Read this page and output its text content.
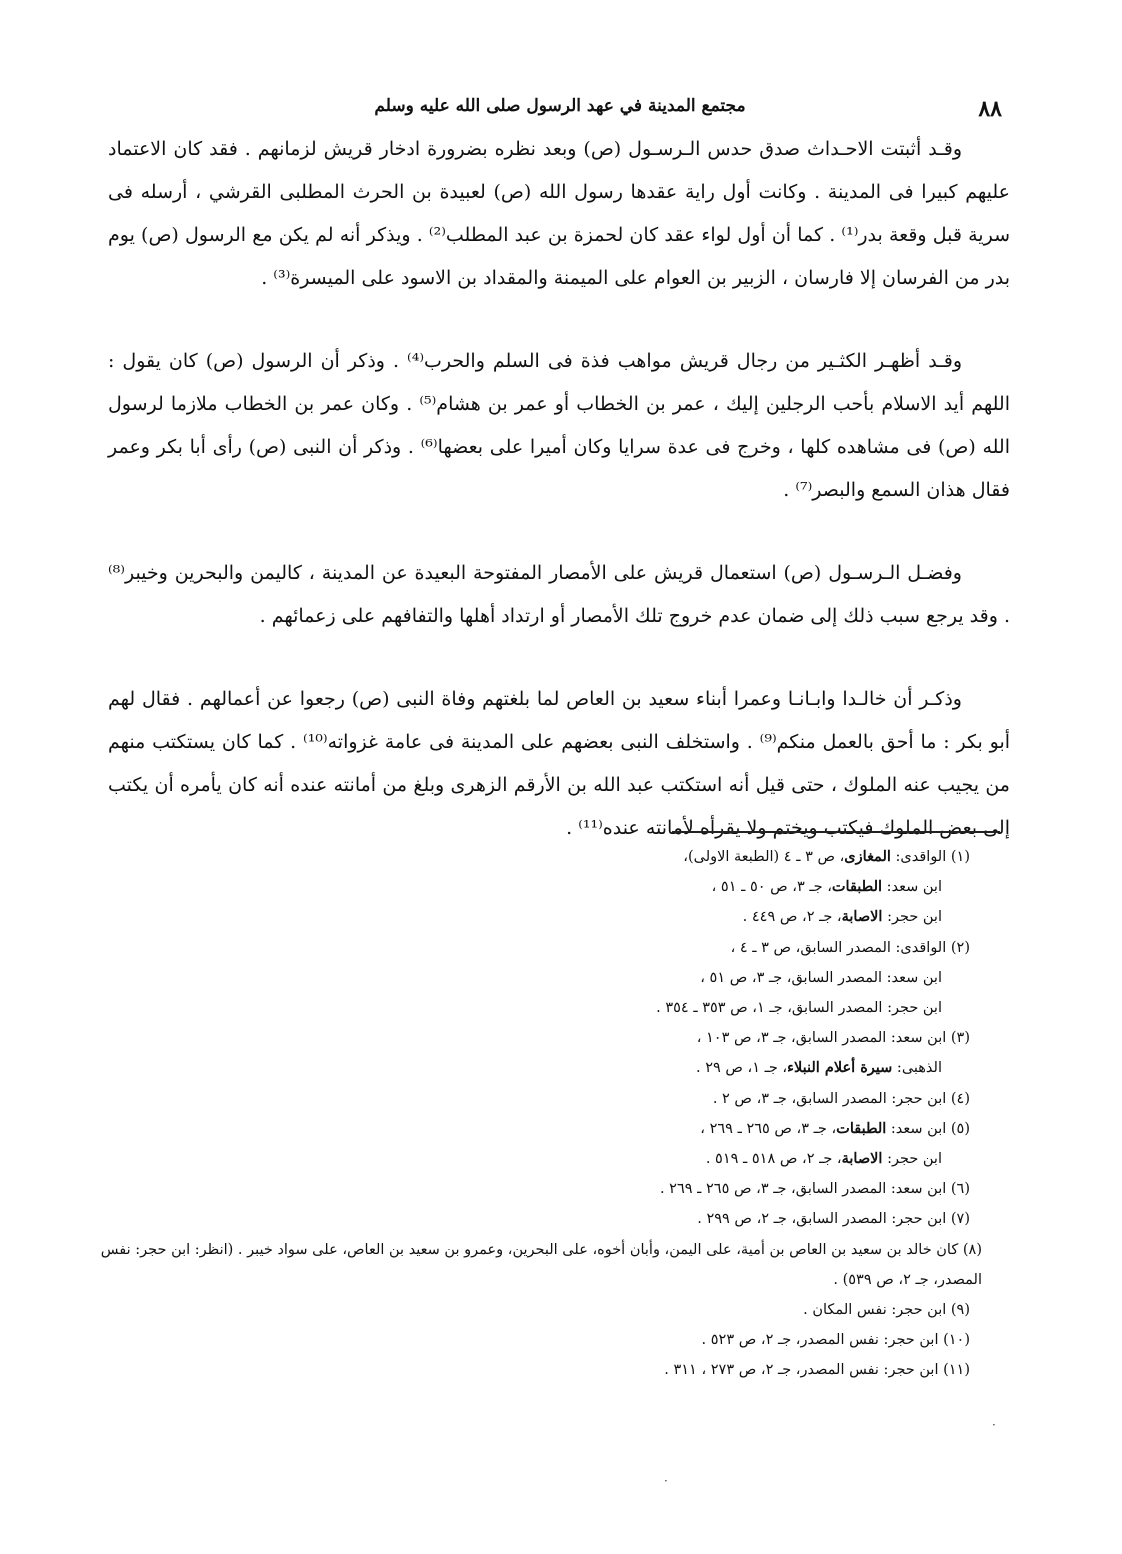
٨٨
مجتمع المدينة في عهد الرسول صلى الله عليه وسلم

وقـد أثبتت الاحـداث صدق حدس الـرسـول (ص) وبعد نظره بضرورة ادخار قريش لزمانهم . فقد كان الاعتماد عليهم كبيرا فى المدينة . وكانت أول راية عقدها رسول الله (ص) لعبيدة بن الحرث المطلبى القرشي ، أرسله فى سرية قبل وقعة بدر⁽¹⁾ . كما أن أول لواء عقد كان لحمزة بن عبد المطلب⁽²⁾ . ويذكر أنه لم يكن مع الرسول (ص) يوم بدر من الفرسان إلا فارسان ، الزبير بن العوام على الميمنة والمقداد بن الاسود على الميسرة⁽³⁾ .

وقـد أظهـر الكثـير من رجال قريش مواهب فذة فى السلم والحرب⁽⁴⁾ . وذكر أن الرسول (ص) كان يقول : اللهم أيد الاسلام بأحب الرجلين إليك ، عمر بن الخطاب أو عمر بن هشام⁽⁵⁾ . وكان عمر بن الخطاب ملازما لرسول الله (ص) فى مشاهده كلها ، وخرج فى عدة سرايا وكان أميرا على بعضها⁽⁶⁾ . وذكر أن النبى (ص) رأى أبا بكر وعمر فقال هذان السمع والبصر⁽⁷⁾ .

وفضـل الـرسـول (ص) استعمال قريش على الأمصار المفتوحة البعيدة عن المدينة ، كاليمن والبحرين وخيبر⁽⁸⁾ . وقد يرجع سبب ذلك إلى ضمان عدم خروج تلك الأمصار أو ارتداد أهلها والتفافهم على زعمائهم .

وذكـر أن خالـدا وابـانـا وعمرا أبناء سعيد بن العاص لما بلغتهم وفاة النبى (ص) رجعوا عن أعمالهم . فقال لهم أبو بكر : ما أحق بالعمل منكم⁽⁹⁾ . واستخلف النبى بعضهم على المدينة فى عامة غزواته⁽¹⁰⁾ . كما كان يستكتب منهم من يجيب عنه الملوك ، حتى قيل أنه استكتب عبد الله بن الأرقم الزهرى وبلغ من أمانته عنده أنه كان يأمره أن يكتب إلى بعض الملوك فيكتب ويختم ولا يقرأه لأمانته عنده⁽¹¹⁾ .

(١) الواقدى: المغازى، ص ٣ ـ ٤ (الطبعة الاولى)،
ابن سعد: الطبقات، جـ ٣، ص ٥٠ ـ ٥١ ،
ابن حجر: الاصابة، جـ ٢، ص ٤٤٩ .
(٢) الواقدى: المصدر السابق، ص ٣ ـ ٤ ،
ابن سعد: المصدر السابق، جـ ٣، ص ٥١ ،
ابن حجر: المصدر السابق، جـ ١، ص ٣٥٣ ـ ٣٥٤ .
(٣) ابن سعد: المصدر السابق، جـ ٣، ص ١٠٣ ،
الذهبى: سيرة أعلام النبلاء، جـ ١، ص ٢٩ .
(٤) ابن حجر: المصدر السابق، جـ ٣، ص ٢ .
(٥) ابن سعد: الطبقات، جـ ٣، ص ٢٦٥ ـ ٢٦٩ ،
ابن حجر: الاصابة، جـ ٢، ص ٥١٨ ـ ٥١٩ .
(٦) ابن سعد: المصدر السابق، جـ ٣، ص ٢٦٥ ـ ٢٦٩ .
(٧) ابن حجر: المصدر السابق، جـ ٢، ص ٢٩٩ .
(٨) كان خالد بن سعيد بن العاص بن أمية، على اليمن، وأبان أخوه، على البحرين، وعمرو بن سعيد بن العاص، على سواد خيبر . (انظر: ابن حجر: نفس المصدر، جـ ٢، ص ٥٣٩) .
(٩) ابن حجر: نفس المكان .
(١٠) ابن حجر: نفس المصدر، جـ ٢، ص ٥٢٣ .
(١١) ابن حجر: نفس المصدر، جـ ٢، ص ٢٧٣ ، ٣١١ .
·
·
